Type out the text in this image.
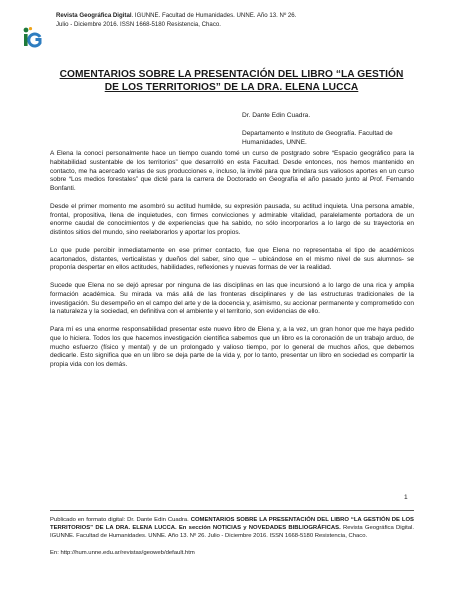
Revista Geográfica Digital. IGUNNE. Facultad de Humanidades. UNNE. Año 13. Nº 26.
Julio - Diciembre 2016. ISSN 1668-5180 Resistencia, Chaco.
COMENTARIOS SOBRE LA PRESENTACIÓN DEL LIBRO “LA GESTIÓN DE LOS TERRITORIOS” DE LA DRA. ELENA LUCCA

Dr. Dante Edin Cuadra.

Departamento e Instituto de Geografía. Facultad de Humanidades, UNNE.

A Elena la conocí personalmente hace un tiempo cuando tomé un curso de postgrado sobre “Espacio geográfico para la habitabilidad sustentable de los territorios” que desarrolló en esta Facultad. Desde entonces, nos hemos mantenido en contacto, me ha acercado varias de sus producciones e, incluso, la invité para que brindara sus valiosos aportes en un curso sobre “Los medios forestales” que dicté para la carrera de Doctorado en Geografía el año pasado junto al Prof. Fernando Bonfanti.

Desde el primer momento me asombró su actitud humilde, su expresión pausada, su actitud inquieta. Una persona amable, frontal, propositiva, llena de inquietudes, con firmes convicciones y admirable vitalidad, paralelamente portadora de un enorme caudal de conocimientos y de experiencias que ha sabido, no sólo incorporarlos a lo largo de su trayectoria en distintos sitios del mundo, sino reelaborarlos y aportar los propios.

Lo que pude percibir inmediatamente en ese primer contacto, fue que Elena no representaba el tipo de académicos acartonados, distantes, verticalistas y dueños del saber, sino que – ubicándose en el mismo nivel de sus alumnos- se proponía despertar en ellos actitudes, habilidades, reflexiones y nuevas formas de ver la realidad.

Sucede que Elena no se dejó apresar por ninguna de las disciplinas en las que incursionó a lo largo de una rica y amplia formación académica. Su mirada va más allá de las fronteras disciplinares y de las estructuras tradicionales de la investigación. Su desempeño en el campo del arte y de la docencia y, asimismo, su accionar permanente y comprometido con la naturaleza y la sociedad, en definitiva con el ambiente y el territorio, son evidencias de ello.

Para mí es una enorme responsabilidad presentar este nuevo libro de Elena y, a la vez, un gran honor que me haya pedido que lo hiciera. Todos los que hacemos investigación científica sabemos que un libro es la coronación de un trabajo arduo, de mucho esfuerzo (físico y mental) y de un prolongado y valioso tiempo, por lo general de muchos años, que debemos dedicarle. Esto significa que en un libro se deja parte de la vida y, por lo tanto, presentar un libro en sociedad es compartir la propia vida con los demás.

1

Publicado en formato digital: Dr. Dante Edin Cuadra. COMENTARIOS SOBRE LA PRESENTACIÓN DEL LIBRO “LA GESTIÓN DE LOS TERRITORIOS” DE LA DRA. ELENA LUCCA. En sección NOTICIAS y NOVEDADES BIBLIOGRÁFICAS. Revista Geográfica Digital. IGUNNE. Facultad de Humanidades. UNNE. Año 13. Nº 26. Julio - Diciembre 2016. ISSN 1668-5180 Resistencia, Chaco.

En: http://hum.unne.edu.ar/revistas/geoweb/default.htm
